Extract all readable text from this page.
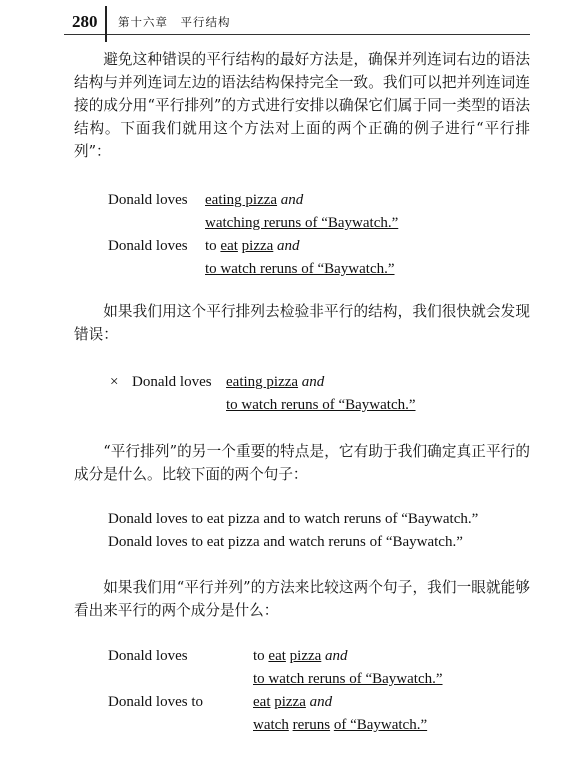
280 第十六章　平行结构

避免这种错误的平行结构的最好方法是，确保并列连词右边的语法结构与并列连词左边的语法结构保持完全一致。我们可以把并列连词连接的成分用“平行排列”的方式进行安排以确保它们属于同一类型的语法结构。下面我们就用这个方法对上面的两个正确的例子进行“平行排列”：

Donald loves eating pizza and
watching reruns of “Baywatch.”
Donald loves to eat pizza and
to watch reruns of “Baywatch.”

如果我们用这个平行排列去检验非平行的结构，我们很快就会发现错误：

× Donald loves eating pizza and
to watch reruns of “Baywatch.”

“平行排列”的另一个重要的特点是，它有助于我们确定真正平行的成分是什么。比较下面的两个句子：

Donald loves to eat pizza and to watch reruns of “Baywatch.”
Donald loves to eat pizza and watch reruns of “Baywatch.”

如果我们用“平行并列”的方法来比较这两个句子，我们一眼就能够看出来平行的两个成分是什么：

Donald loves	to eat pizza and
to watch reruns of “Baywatch.”
Donald loves to	eat pizza and
watch reruns of “Baywatch.”
